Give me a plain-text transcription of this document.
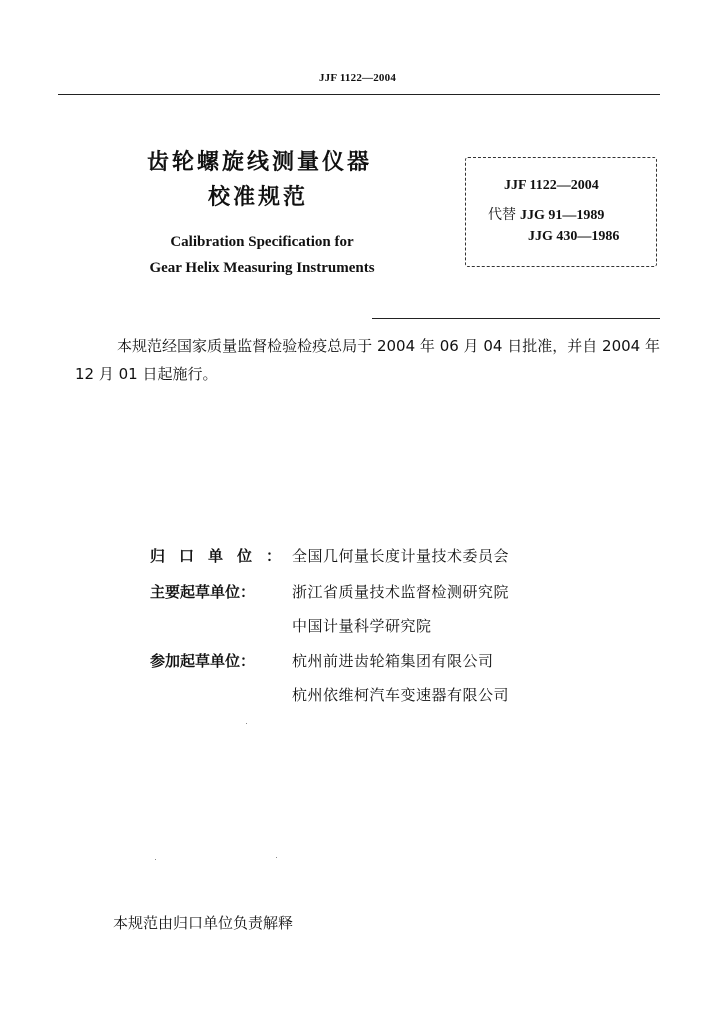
JJF 1122—2004
齿轮螺旋线测量仪器
校准规范
Calibration Specification for
Gear Helix Measuring Instruments
JJF 1122—2004
代替 JJG 91—1989
JJG 430—1986
本规范经国家质量监督检验检疫总局于 2004 年 06 月 04 日批准，并自 2004 年 12 月 01 日起施行。
归口单位：
全国几何量长度计量技术委员会
主要起草单位： 浙江省质量技术监督检测研究院
中国计量科学研究院
参加起草单位： 杭州前进齿轮箱集团有限公司
杭州依维柯汽车变速器有限公司
本规范由归口单位负责解释
